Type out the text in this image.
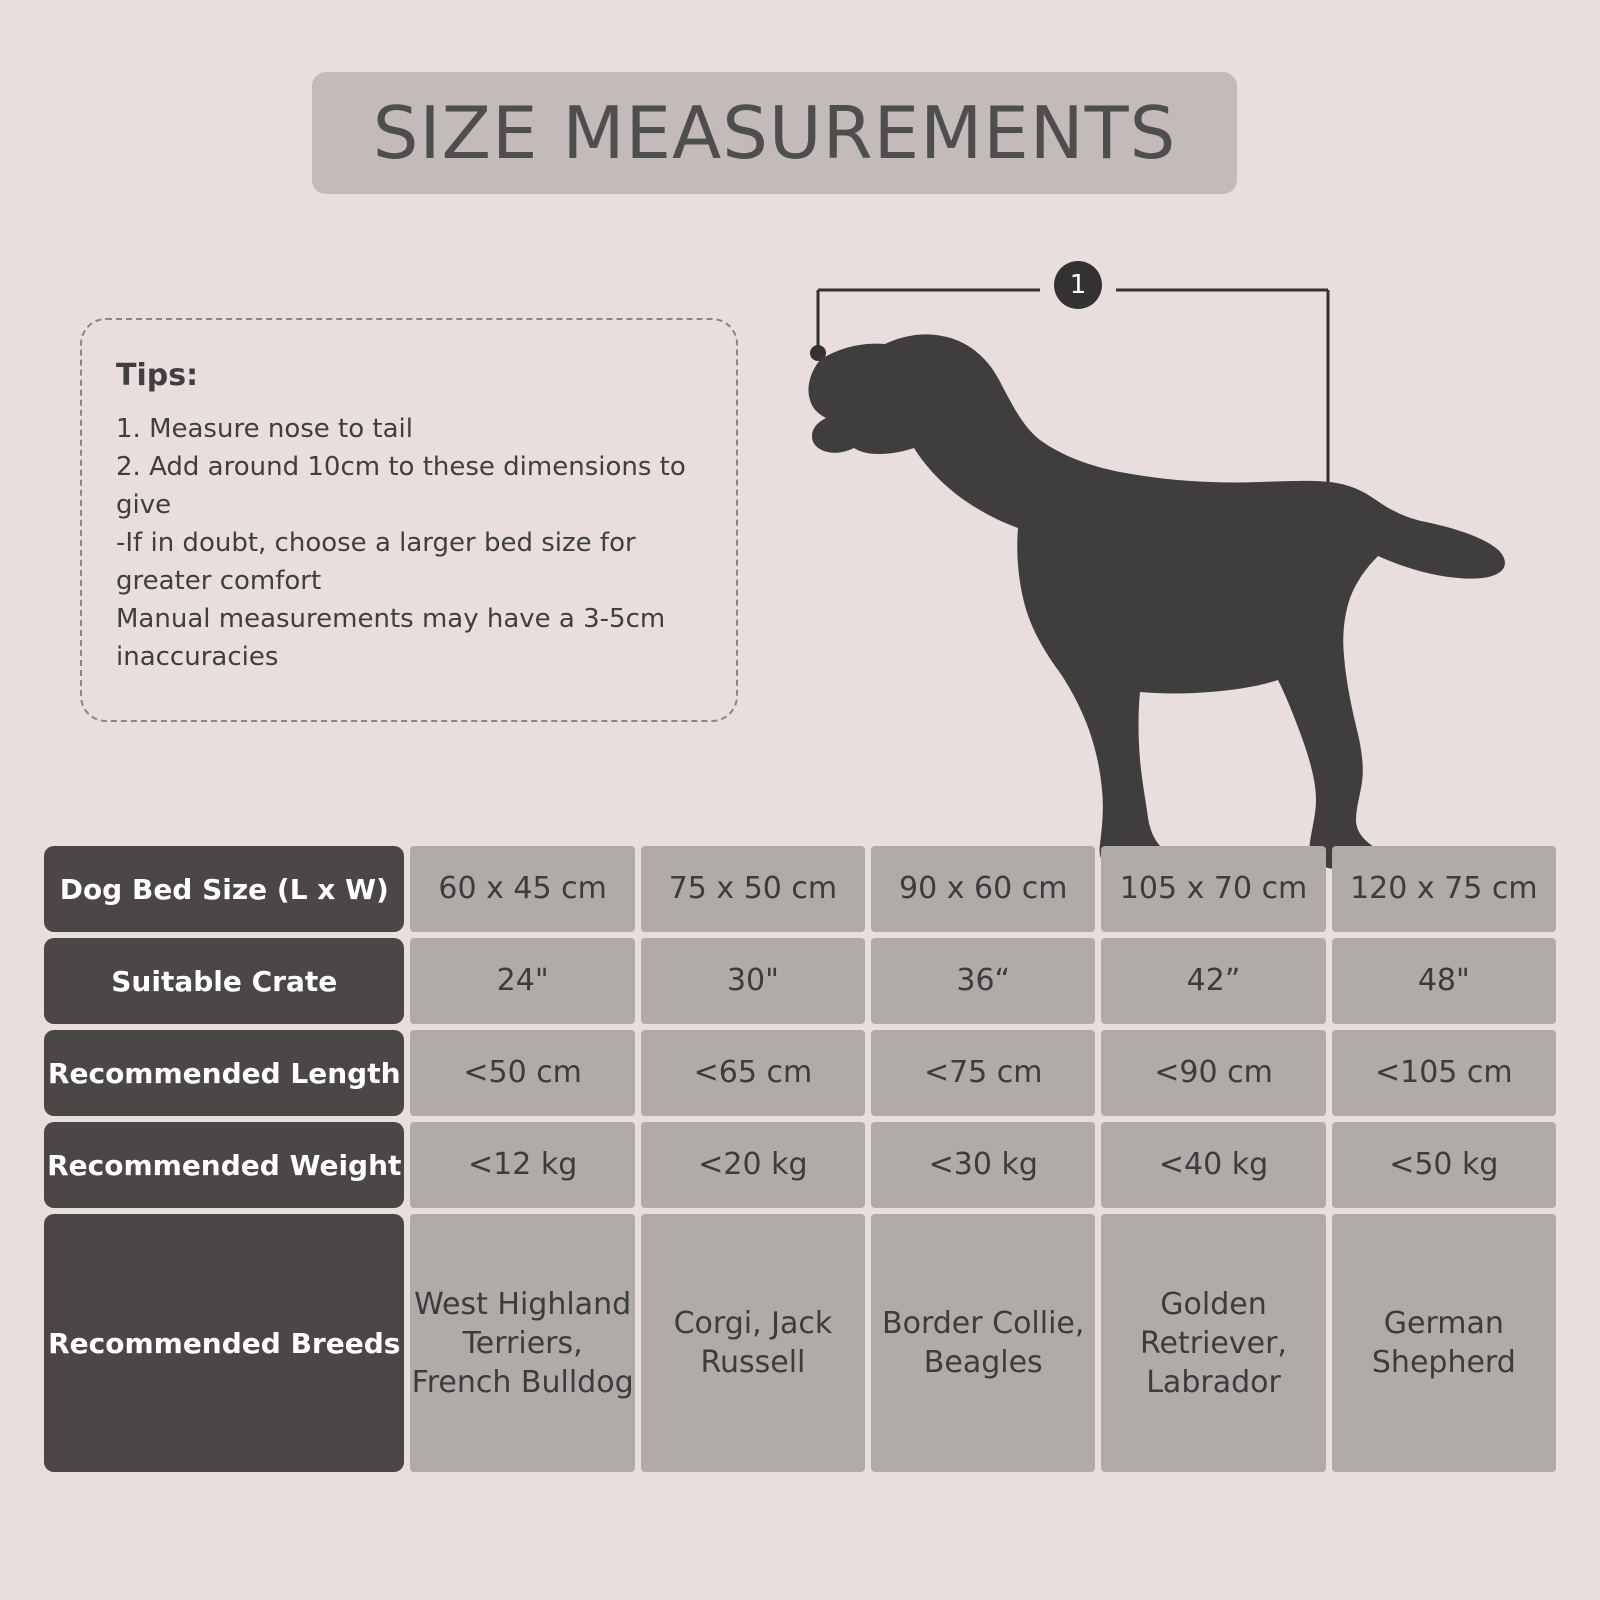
SIZE MEASUREMENTS
Tips:
1. Measure nose to tail
2. Add around 10cm to these dimensions to give
-If in doubt, choose a larger bed size for greater comfort
Manual measurements may have a 3-5cm inaccuracies
1
Dog Bed Size (L x W)	60 x 45 cm	75 x 50 cm	90 x 60 cm	105 x 70 cm	120 x 75 cm
Suitable Crate	24"	30"	36“	42”	48"
Recommended Length	<50 cm	<65 cm	<75 cm	<90 cm	<105 cm
Recommended Weight	<12 kg	<20 kg	<30 kg	<40 kg	<50 kg
Recommended Breeds	West Highland Terriers, French Bulldog	Corgi, Jack Russell	Border Collie, Beagles	Golden Retriever, Labrador	German Shepherd
